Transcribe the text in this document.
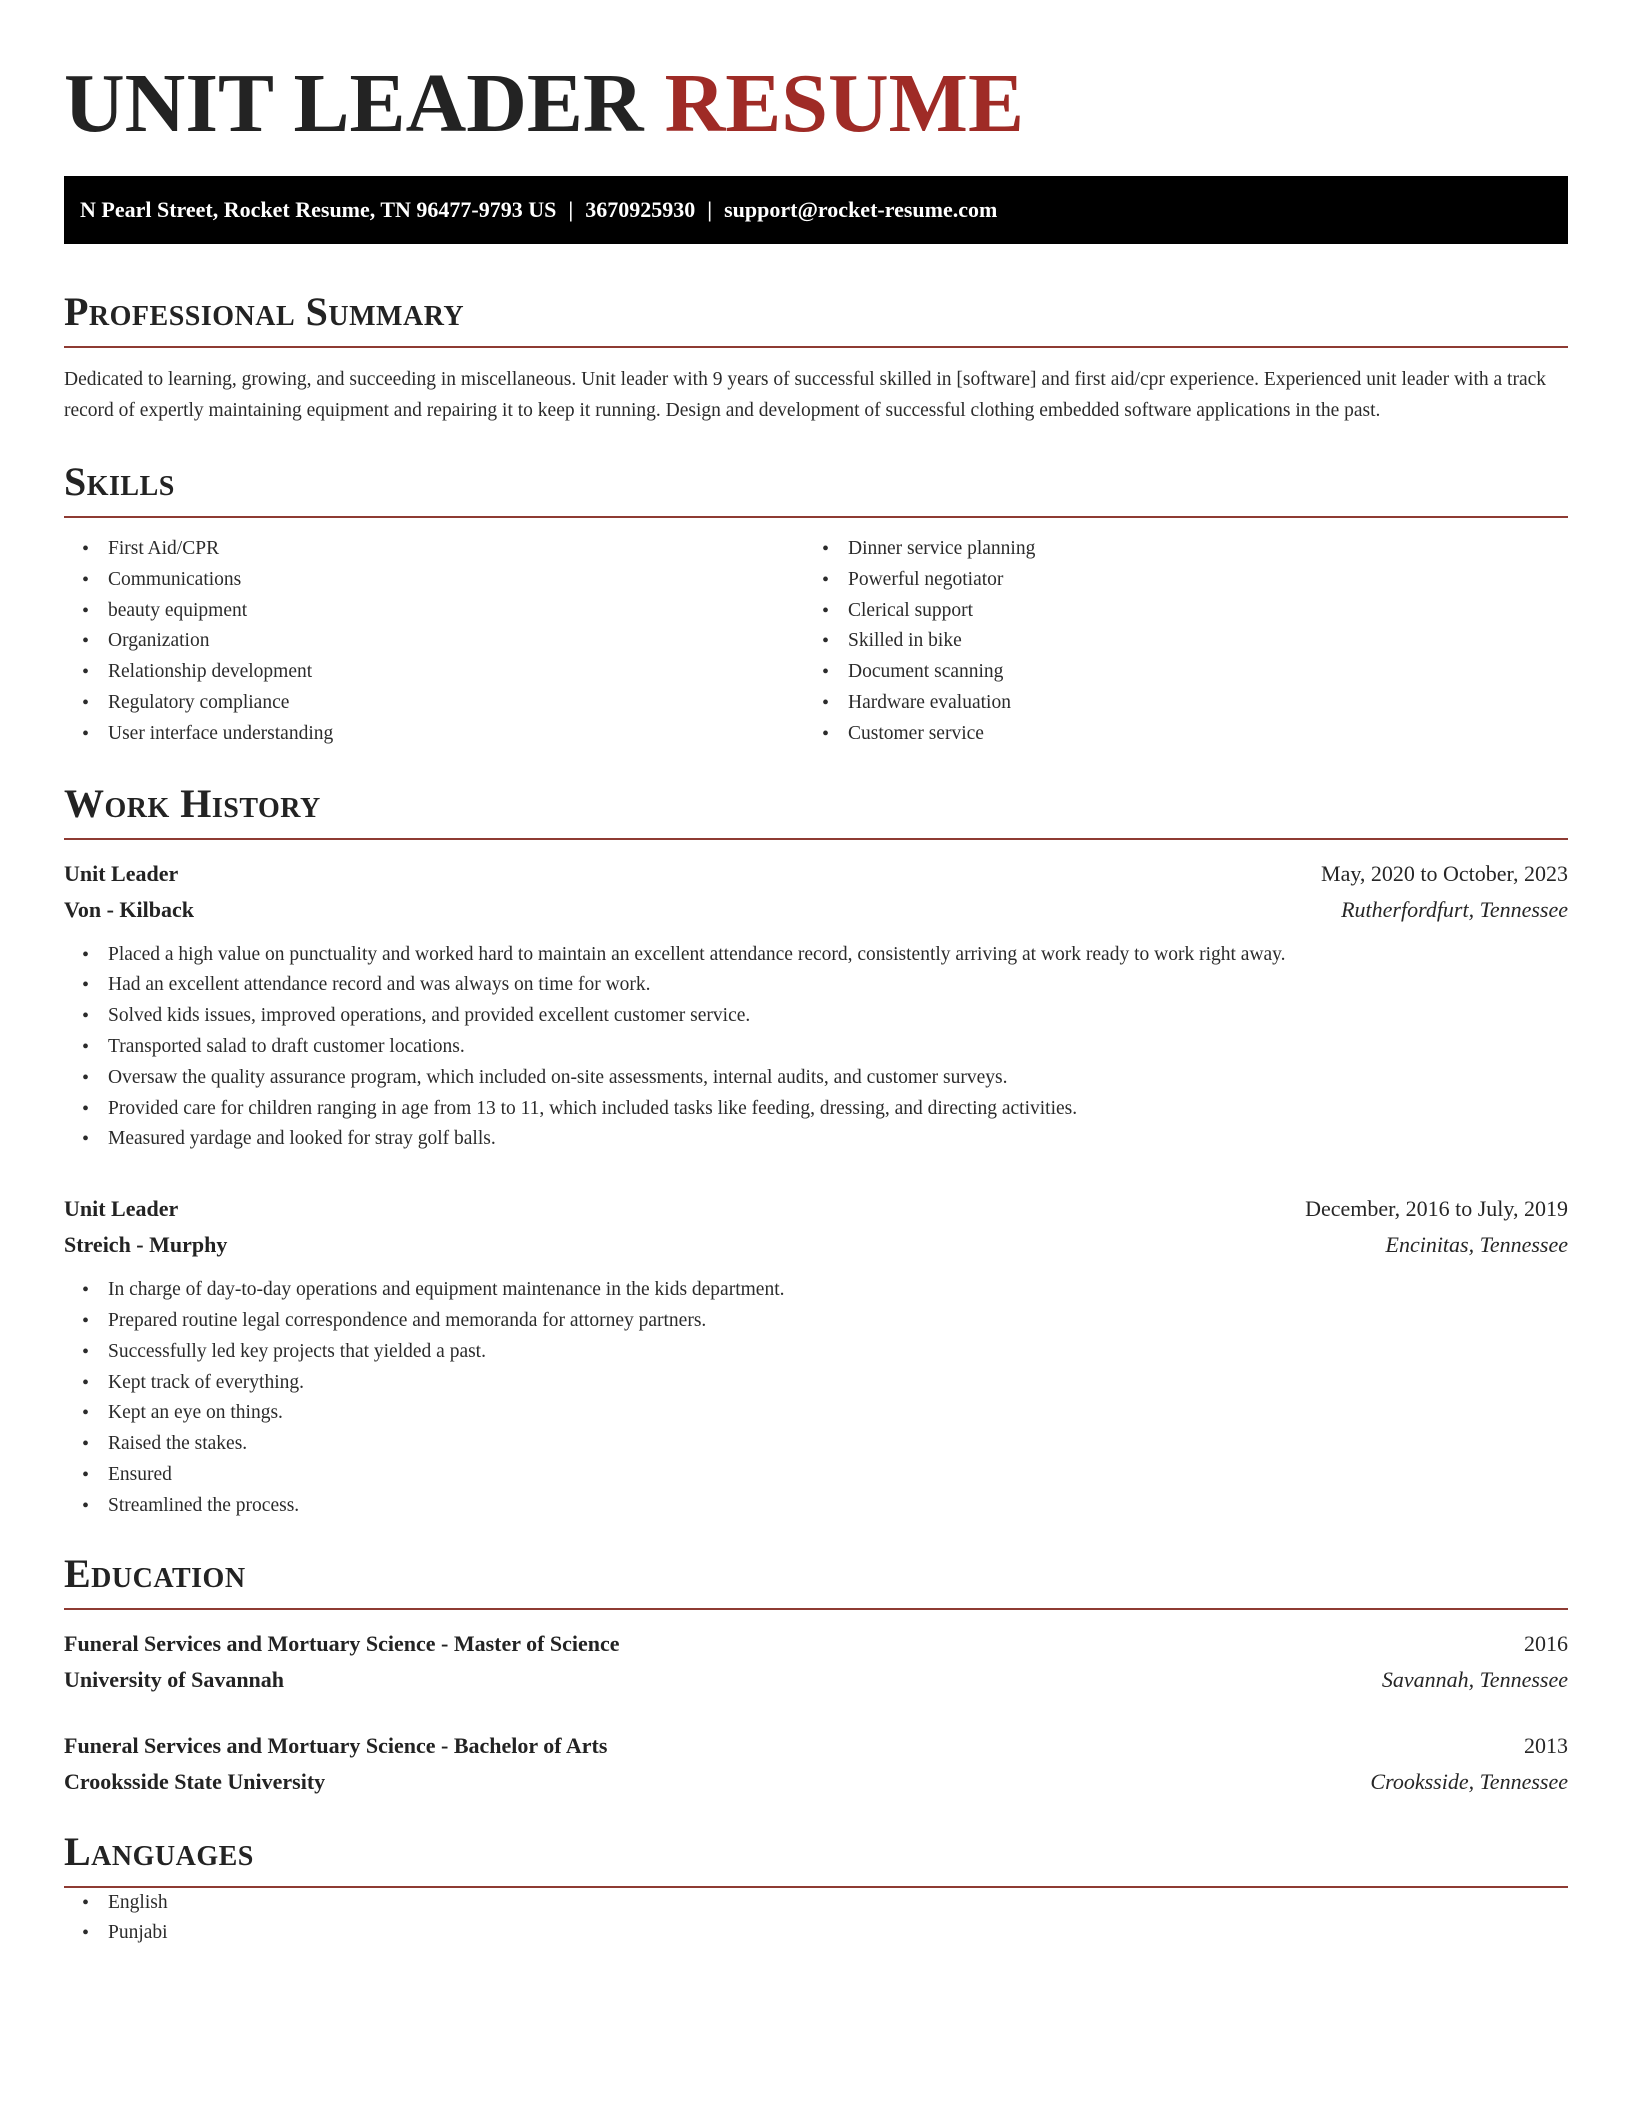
UNIT LEADER RESUME
N Pearl Street, Rocket Resume, TN 96477-9793 US | 3670925930 | support@rocket-resume.com
Professional Summary

Dedicated to learning, growing, and succeeding in miscellaneous. Unit leader with 9 years of successful skilled in [software] and first aid/cpr experience. Experienced unit leader with a track record of expertly maintaining equipment and repairing it to keep it running. Design and development of successful clothing embedded software applications in the past.

Skills
• First Aid/CPR
• Communications
• beauty equipment
• Organization
• Relationship development
• Regulatory compliance
• User interface understanding
• Dinner service planning
• Powerful negotiator
• Clerical support
• Skilled in bike
• Document scanning
• Hardware evaluation
• Customer service
Work History
Unit Leader	May, 2020 to October, 2023
Von - Kilback	Rutherfordfurt, Tennessee
• Placed a high value on punctuality and worked hard to maintain an excellent attendance record, consistently arriving at work ready to work right away.
• Had an excellent attendance record and was always on time for work.
• Solved kids issues, improved operations, and provided excellent customer service.
• Transported salad to draft customer locations.
• Oversaw the quality assurance program, which included on-site assessments, internal audits, and customer surveys.
• Provided care for children ranging in age from 13 to 11, which included tasks like feeding, dressing, and directing activities.
• Measured yardage and looked for stray golf balls.
Unit Leader	December, 2016 to July, 2019
Streich - Murphy	Encinitas, Tennessee
• In charge of day-to-day operations and equipment maintenance in the kids department.
• Prepared routine legal correspondence and memoranda for attorney partners.
• Successfully led key projects that yielded a past.
• Kept track of everything.
• Kept an eye on things.
• Raised the stakes.
• Ensured
• Streamlined the process.
Education
Funeral Services and Mortuary Science - Master of Science	2016
University of Savannah	Savannah, Tennessee
Funeral Services and Mortuary Science - Bachelor of Arts	2013
Crooksside State University	Crooksside, Tennessee
Languages
• English
• Punjabi
